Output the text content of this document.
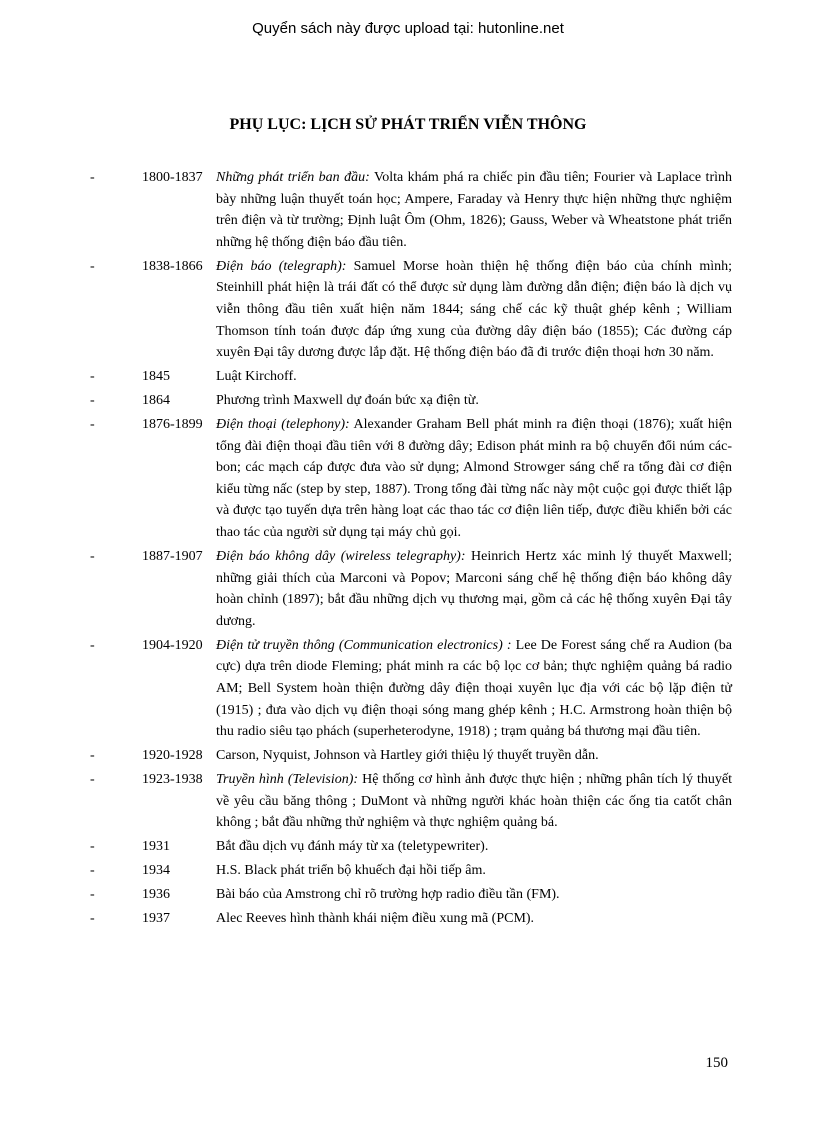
Quyển sách này được upload tại: hutonline.net
PHỤ LỤC: LỊCH SỬ PHÁT TRIỂN VIỄN THÔNG
-	1800-1837 Những phát triển ban đầu: Volta khám phá ra chiếc pin đầu tiên; Fourier và Laplace trình bày những luận thuyết toán học; Ampere, Faraday và Henry thực hiện những thực nghiệm trên điện và từ trường; Định luật Ôm (Ohm, 1826); Gauss, Weber và Wheatstone phát triển những hệ thống điện báo đầu tiên.
-	1838-1866 Điện báo (telegraph): Samuel Morse hoàn thiện hệ thống điện báo của chính mình; Steinhill phát hiện là trái đất có thể được sử dụng làm đường dẫn điện; điện báo là dịch vụ viễn thông đầu tiên xuất hiện năm 1844; sáng chế các kỹ thuật ghép kênh ; William Thomson tính toán được đáp ứng xung của đường dây điện báo (1855); Các đường cáp xuyên Đại tây dương được lắp đặt. Hệ thống điện báo đã đi trước điện thoại hơn 30 năm.
-	1845	Luật Kirchoff.
-	1864	Phương trình Maxwell dự đoán bức xạ điện từ.
-	1876-1899 Điện thoại (telephony): Alexander Graham Bell phát minh ra điện thoại (1876); xuất hiện tổng đài điện thoại đầu tiên với 8 đường dây; Edison phát minh ra bộ chuyển đổi núm các-bon; các mạch cáp được đưa vào sử dụng; Almond Strowger sáng chế ra tổng đài cơ điện kiểu từng nấc (step by step, 1887). Trong tổng đài từng nấc này một cuộc gọi được thiết lập và được tạo tuyến dựa trên hàng loạt các thao tác cơ điện liên tiếp, được điều khiển bởi các thao tác của người sử dụng tại máy chủ gọi.
-	1887-1907 Điện báo không dây (wireless telegraphy): Heinrich Hertz xác minh lý thuyết Maxwell; những giải thích của Marconi và Popov; Marconi sáng chế hệ thống điện báo không dây hoàn chỉnh (1897); bắt đầu những dịch vụ thương mại, gồm cả các hệ thống xuyên Đại tây dương.
-	1904-1920 Điện tử truyền thông (Communication electronics) : Lee De Forest sáng chế ra Audion (ba cực) dựa trên diode Fleming; phát minh ra các bộ lọc cơ bản; thực nghiệm quảng bá radio AM; Bell System hoàn thiện đường dây điện thoại xuyên lục địa với các bộ lặp điện tử (1915) ; đưa vào dịch vụ điện thoại sóng mang ghép kênh ; H.C. Armstrong hoàn thiện bộ thu radio siêu tạo phách (superheterodyne, 1918) ; trạm quảng bá thương mại đầu tiên.
-	1920-1928 Carson, Nyquist, Johnson và Hartley giới thiệu lý thuyết truyền dẫn.
-	1923-1938 Truyền hình (Television): Hệ thống cơ hình ảnh được thực hiện ; những phân tích lý thuyết về yêu cầu băng thông ; DuMont và những người khác hoàn thiện các ống tia catốt chân không ; bắt đầu những thử nghiệm và thực nghiệm quảng bá.
-	1931	Bắt đầu dịch vụ đánh máy từ xa (teletypewriter).
-	1934	H.S. Black phát triển bộ khuếch đại hồi tiếp âm.
-	1936	Bài báo của Amstrong chỉ rõ trường hợp radio điều tần (FM).
-	1937	Alec Reeves hình thành khái niệm điều xung mã (PCM).
150
